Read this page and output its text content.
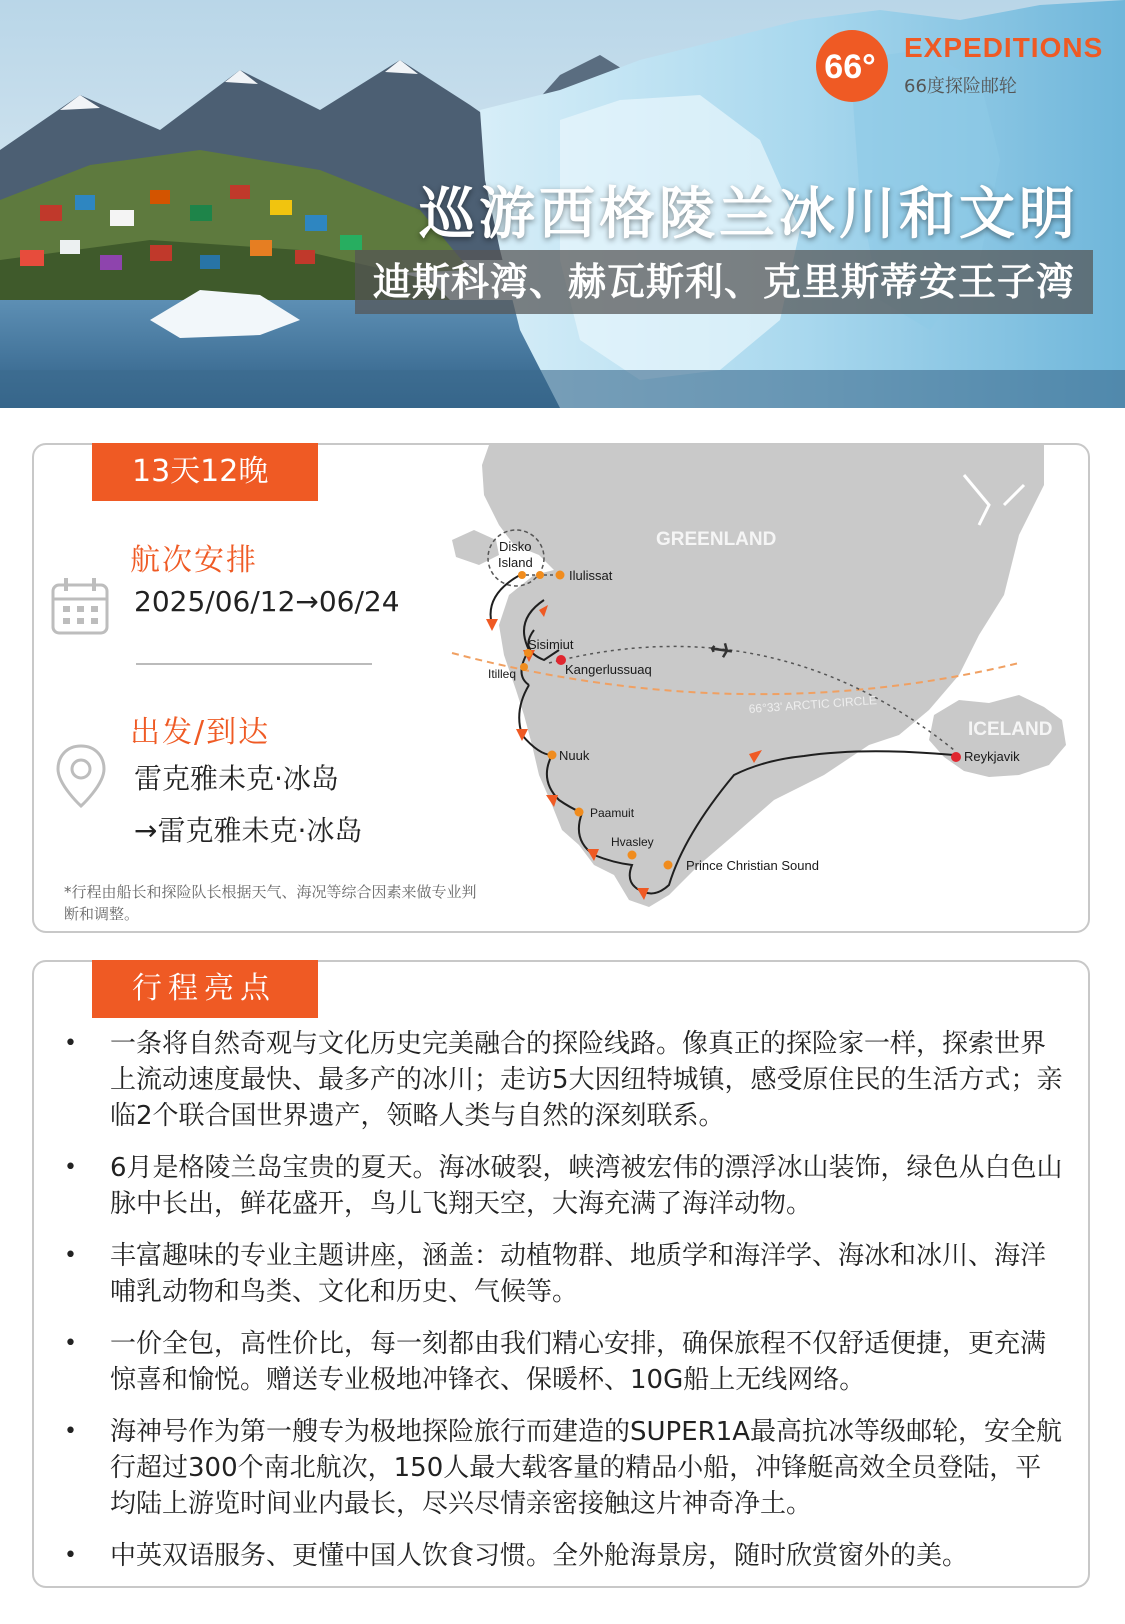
66°
EXPEDITIONS
66度探险邮轮
巡游西格陵兰冰川和文明
迪斯科湾、赫瓦斯利、克里斯蒂安王子湾
13天12晚
航次安排
2025/06/12→06/24
出发/到达
雷克雅未克·冰岛
→雷克雅未克·冰岛
*行程由船长和探险队长根据天气、海况等综合因素来做专业判断和调整。
66°33' ARCTIC CIRCLE
GREENLAND
ICELAND
Disko
Island
Ilulissat
Sisimiut
Itilleq	Kangerlussuaq
Nuuk
Paamuit
Hvasley
Prince Christian Sound
Reykjavik
行程亮点
• 一条将自然奇观与文化历史完美融合的探险线路。像真正的探险家一样，探索世界上流动速度最快、最多产的冰川；走访5大因纽特城镇，感受原住民的生活方式；亲临2个联合国世界遗产，领略人类与自然的深刻联系。
• 6月是格陵兰岛宝贵的夏天。海冰破裂，峡湾被宏伟的漂浮冰山装饰，绿色从白色山脉中长出，鲜花盛开，鸟儿飞翔天空，大海充满了海洋动物。
• 丰富趣味的专业主题讲座，涵盖：动植物群、地质学和海洋学、海冰和冰川、海洋哺乳动物和鸟类、文化和历史、气候等。
• 一价全包，高性价比，每一刻都由我们精心安排，确保旅程不仅舒适便捷，更充满惊喜和愉悦。赠送专业极地冲锋衣、保暖杯、10G船上无线网络。
• 海神号作为第一艘专为极地探险旅行而建造的SUPER1A最高抗冰等级邮轮，安全航行超过300个南北航次，150人最大载客量的精品小船，冲锋艇高效全员登陆，平均陆上游览时间业内最长，尽兴尽情亲密接触这片神奇净土。
• 中英双语服务、更懂中国人饮食习惯。全外舱海景房，随时欣赏窗外的美。
